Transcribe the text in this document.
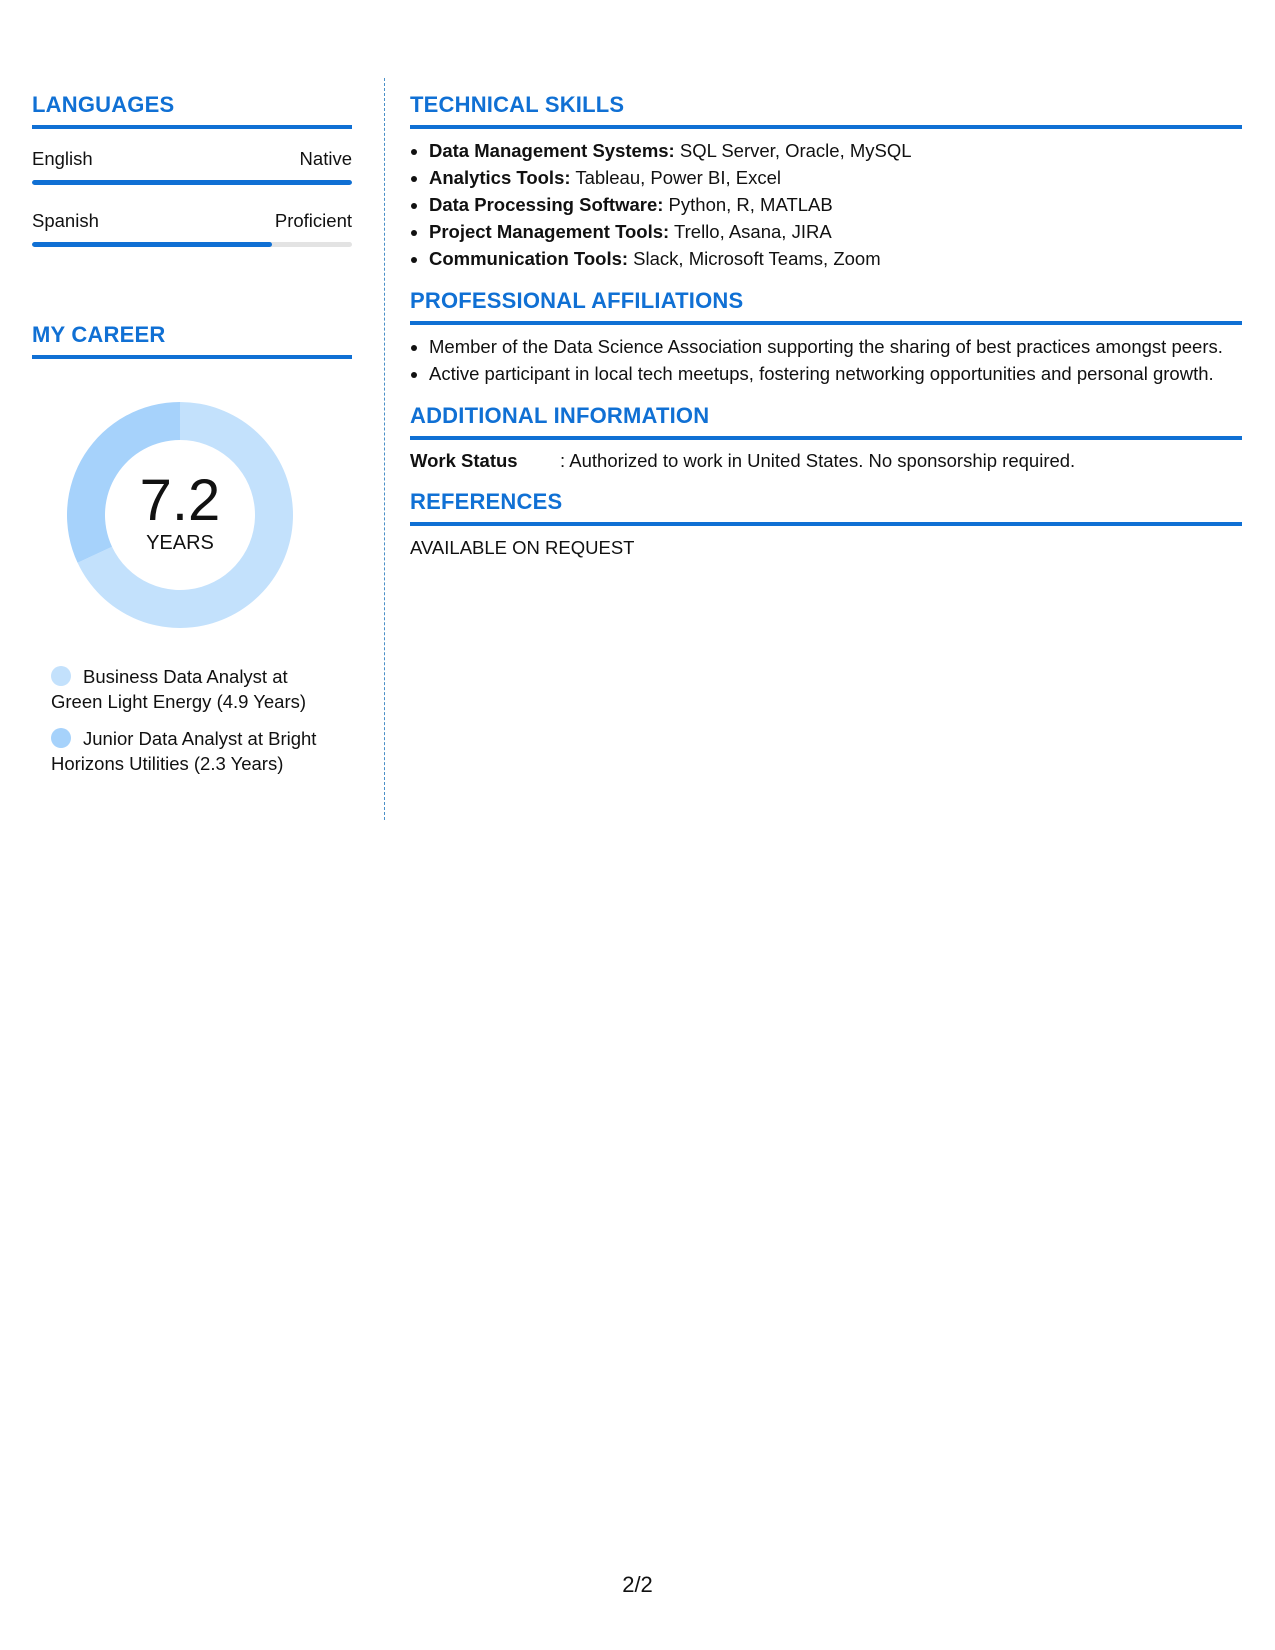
LANGUAGES
English	Native
Spanish	Proficient
MY CAREER
7.2
YEARS
Business Data Analyst at Green Light Energy (4.9 Years)
Junior Data Analyst at Bright Horizons Utilities (2.3 Years)
TECHNICAL SKILLS
• Data Management Systems: SQL Server, Oracle, MySQL
• Analytics Tools: Tableau, Power BI, Excel
• Data Processing Software: Python, R, MATLAB
• Project Management Tools: Trello, Asana, JIRA
• Communication Tools: Slack, Microsoft Teams, Zoom
PROFESSIONAL AFFILIATIONS
• Member of the Data Science Association supporting the sharing of best practices amongst peers.
• Active participant in local tech meetups, fostering networking opportunities and personal growth.
ADDITIONAL INFORMATION
Work Status	: Authorized to work in United States. No sponsorship required.
REFERENCES
AVAILABLE ON REQUEST
2/2
